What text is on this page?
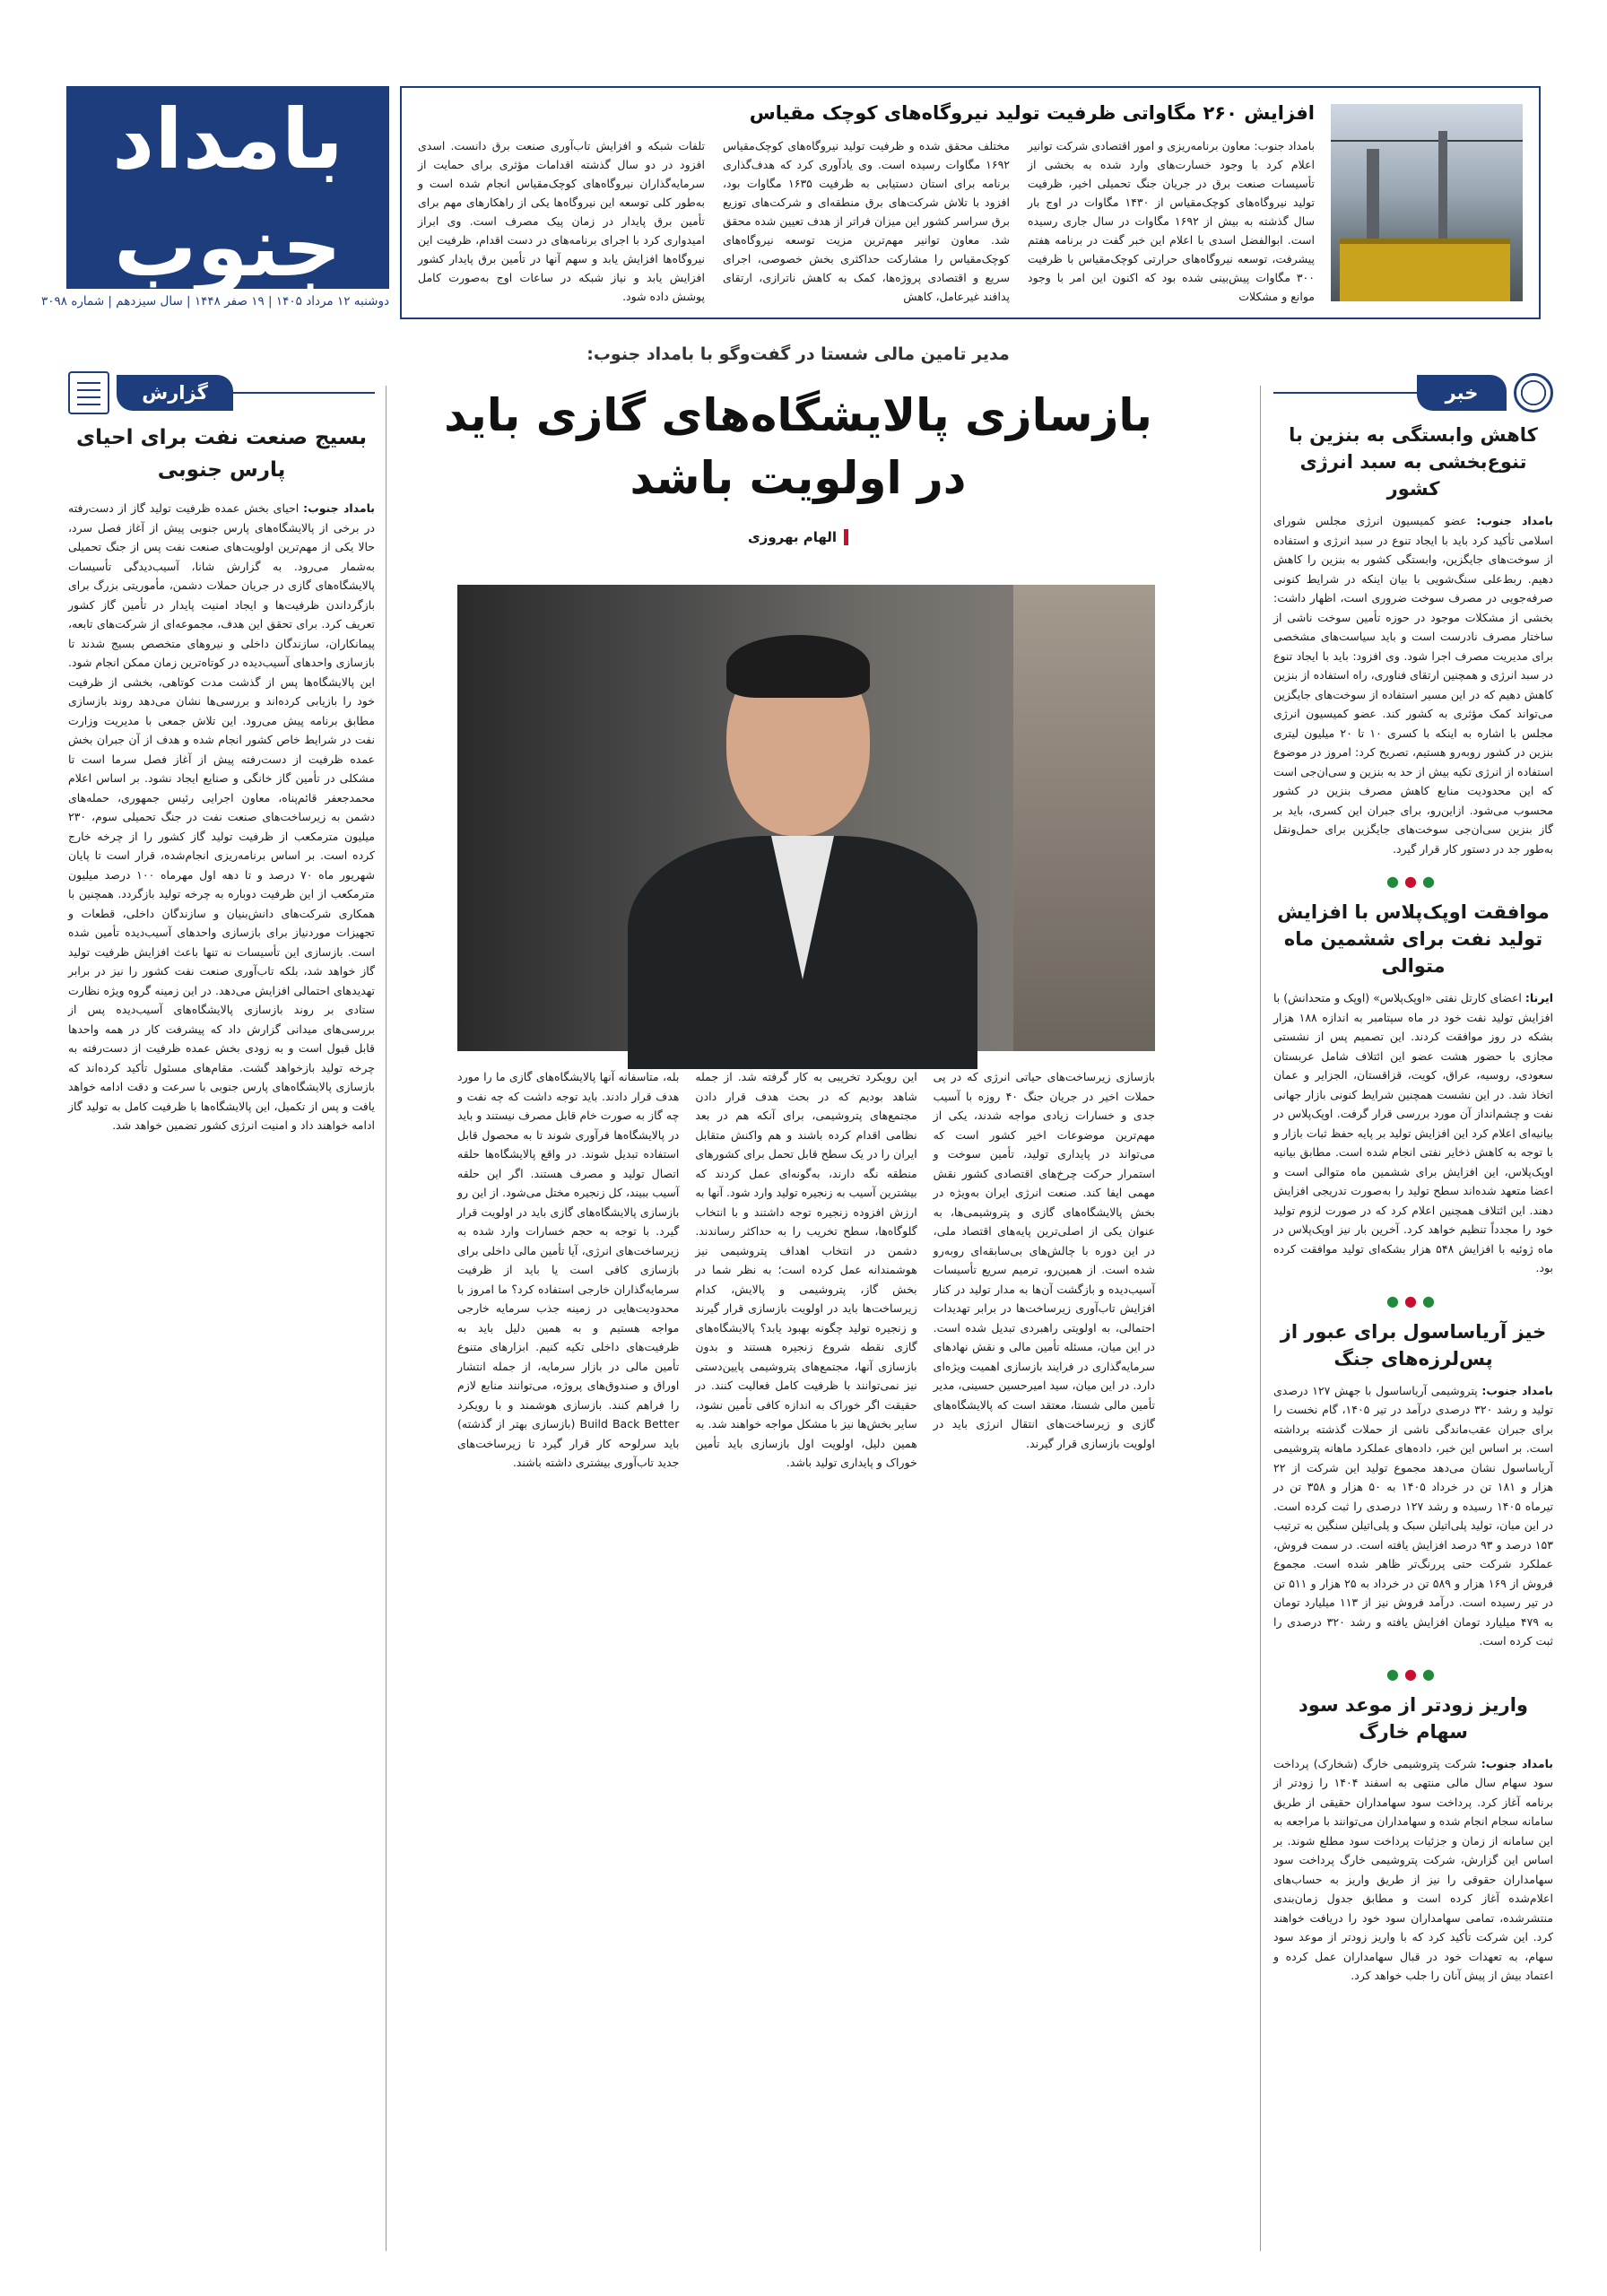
بامداد جنوب
۳
انرژی
دوشنبه ۱۲ مرداد ۱۴۰۵ | ۱۹ صفر ۱۴۴۸ | سال سیزدهم | شماره ۳۰۹۸
افزایش ۲۶۰ مگاواتی ظرفیت تولید نیروگاه‌های کوچک مقیاس
بامداد جنوب: معاون برنامه‌ریزی و امور اقتصادی شرکت توانیر اعلام کرد با وجود خسارت‌های وارد شده به بخشی از تأسیسات صنعت برق در جریان جنگ تحمیلی اخیر، ظرفیت تولید نیروگاه‌های کوچک‌مقیاس از ۱۴۳۰ مگاوات در اوج بار سال گذشته به بیش از ۱۶۹۲ مگاوات در سال جاری رسیده است. ابوالفضل اسدی با اعلام این خبر گفت در برنامه هفتم پیشرفت، توسعه نیروگاه‌های حرارتی کوچک‌مقیاس با ظرفیت ۳۰۰ مگاوات پیش‌بینی شده بود که اکنون این امر با وجود موانع و مشکلات
مختلف محقق شده و ظرفیت تولید نیروگاه‌های کوچک‌مقیاس ۱۶۹۲ مگاوات رسیده است. وی یادآوری کرد که هدف‌گذاری برنامه برای استان دستیابی به ظرفیت ۱۶۳۵ مگاوات بود، افزود با تلاش شرکت‌های برق منطقه‌ای و شرکت‌های توزیع برق سراسر کشور این میزان فراتر از هدف تعیین شده محقق شد. معاون توانیر مهم‌ترین مزیت توسعه نیروگاه‌های کوچک‌مقیاس را مشارکت حداکثری بخش خصوصی، اجرای سریع و اقتصادی پروژه‌ها، کمک به کاهش ناترازی، ارتقای پدافند غیرعامل، کاهش
تلفات شبکه و افزایش تاب‌آوری صنعت برق دانست. اسدی افزود در دو سال گذشته اقدامات مؤثری برای حمایت از سرمایه‌گذاران نیروگاه‌های کوچک‌مقیاس انجام شده است و به‌طور کلی توسعه این نیروگاه‌ها یکی از راهکارهای مهم برای تأمین برق پایدار در زمان پیک مصرف است. وی ابراز امیدواری کرد با اجرای برنامه‌های در دست اقدام، ظرفیت این نیروگاه‌ها افزایش یابد و سهم آنها در تأمین برق پایدار کشور افزایش یابد و نیاز شبکه در ساعات اوج به‌صورت کامل پوشش داده شود.
خبر
گزارش
کاهش وابستگی به بنزین با تنوع‌بخشی به سبد انرژی کشور
بامداد جنوب: عضو کمیسیون انرژی مجلس شورای اسلامی تأکید کرد باید با ایجاد تنوع در سبد انرژی و استفاده از سوخت‌های جایگزین، وابستگی کشور به بنزین را کاهش دهیم. ربط‌علی سنگ‌شویی با بیان اینکه در شرایط کنونی صرفه‌جویی در مصرف سوخت ضروری است، اظهار داشت: بخشی از مشکلات موجود در حوزه تأمین سوخت ناشی از ساختار مصرف نادرست است و باید سیاست‌های مشخصی برای مدیریت مصرف اجرا شود. وی افزود: باید با ایجاد تنوع در سبد انرژی و همچنین ارتقای فناوری، راه استفاده از بنزین کاهش دهیم که در این مسیر استفاده از سوخت‌های جایگزین می‌تواند کمک مؤثری به کشور کند. عضو کمیسیون انرژی مجلس با اشاره به اینکه با کسری ۱۰ تا ۲۰ میلیون لیتری بنزین در کشور روبه‌رو هستیم، تصریح کرد: امروز در موضوع استفاده از انرژی تکیه بیش از حد به بنزین و سی‌ان‌جی است که این محدودیت منابع کاهش مصرف بنزین در کشور محسوب می‌شود. ازاین‌رو، برای جبران این کسری، باید بر گاز بنزین سی‌ان‌جی سوخت‌های جایگزین برای حمل‌ونقل به‌طور جد در دستور کار قرار گیرد.
●●●
موافقت اوپک‌پلاس با افزایش تولید نفت برای ششمین ماه متوالی
ایرنا: اعضای کارتل نفتی «اوپک‌پلاس» (اوپک و متحدانش) با افزایش تولید نفت خود در ماه سپتامبر به اندازه ۱۸۸ هزار بشکه در روز موافقت کردند. این تصمیم پس از نشستی مجازی با حضور هشت عضو این ائتلاف شامل عربستان سعودی، روسیه، عراق، کویت، قزاقستان، الجزایر و عمان اتخاذ شد. در این نشست همچنین شرایط کنونی بازار جهانی نفت و چشم‌انداز آن مورد بررسی قرار گرفت. اوپک‌پلاس در بیانیه‌ای اعلام کرد این افزایش تولید بر پایه حفظ ثبات بازار و با توجه به کاهش ذخایر نفتی انجام شده است. مطابق بیانیه اوپک‌پلاس، این افزایش برای ششمین ماه متوالی است و اعضا متعهد شده‌اند سطح تولید را به‌صورت تدریجی افزایش دهند. این ائتلاف همچنین اعلام کرد که در صورت لزوم تولید خود را مجدداً تنظیم خواهد کرد. آخرین بار نیز اوپک‌پلاس در ماه ژوئیه با افزایش ۵۴۸ هزار بشکه‌ای تولید موافقت کرده بود.
●●●
خیز آریاساسول برای عبور از پس‌لرزه‌های جنگ
بامداد جنوب: پتروشیمی آریاساسول با جهش ۱۲۷ درصدی تولید و رشد ۳۲۰ درصدی درآمد در تیر ۱۴۰۵، گام نخست را برای جبران عقب‌ماندگی ناشی از حملات گذشته برداشته است. بر اساس این خبر، داده‌های عملکرد ماهانه پتروشیمی آریاساسول نشان می‌دهد مجموع تولید این شرکت از ۲۲ هزار و ۱۸۱ تن در خرداد ۱۴۰۵ به ۵۰ هزار و ۳۵۸ تن در تیرماه ۱۴۰۵ رسیده و رشد ۱۲۷ درصدی را ثبت کرده است. در این میان، تولید پلی‌اتیلن سبک و پلی‌اتیلن سنگین به ترتیب ۱۵۳ درصد و ۹۳ درصد افزایش یافته است. در سمت فروش، عملکرد شرکت حتی پررنگ‌تر ظاهر شده است. مجموع فروش از ۱۶۹ هزار و ۵۸۹ تن در خرداد به ۲۵ هزار و ۵۱۱ تن در تیر رسیده است. درآمد فروش نیز از ۱۱۳ میلیارد تومان به ۴۷۹ میلیارد تومان افزایش یافته و رشد ۳۲۰ درصدی را ثبت کرده است.
●●●
واریز زودتر از موعد سود سهام خارگ
بامداد جنوب: شرکت پتروشیمی خارگ (شخارک) پرداخت سود سهام سال مالی منتهی به اسفند ۱۴۰۴ را زودتر از برنامه آغاز کرد. پرداخت سود سهامداران حقیقی از طریق سامانه سجام انجام شده و سهامداران می‌توانند با مراجعه به این سامانه از زمان و جزئیات پرداخت سود مطلع شوند. بر اساس این گزارش، شرکت پتروشیمی خارگ پرداخت سود سهامداران حقوقی را نیز از طریق واریز به حساب‌های اعلام‌شده آغاز کرده است و مطابق جدول زمان‌بندی منتشرشده، تمامی سهامداران سود خود را دریافت خواهند کرد. این شرکت تأکید کرد که با واریز زودتر از موعد سود سهام، به تعهدات خود در قبال سهامداران عمل کرده و اعتماد بیش از پیش آنان را جلب خواهد کرد.
مدیر تامین مالی شستا در گفت‌وگو با بامداد جنوب:
بازسازی پالایشگاه‌های گازی باید در اولویت باشد
الهام بهروزی
بازسازی زیرساخت‌های حیاتی انرژی که در پی حملات اخیر در جریان جنگ ۴۰ روزه با آسیب جدی و خسارات زیادی مواجه شدند، یکی از مهم‌ترین موضوعات اخیر کشور است که می‌تواند در پایداری تولید، تأمین سوخت و استمرار حرکت چرخ‌های اقتصادی کشور نقش مهمی ایفا کند. صنعت انرژی ایران به‌ویژه در بخش پالایشگاه‌های گازی و پتروشیمی‌ها، به عنوان یکی از اصلی‌ترین پایه‌های اقتصاد ملی، در این دوره با چالش‌های بی‌سابقه‌ای روبه‌رو شده است. از همین‌رو، ترمیم سریع تأسیسات آسیب‌دیده و بازگشت آن‌ها به مدار تولید در کنار افزایش تاب‌آوری زیرساخت‌ها در برابر تهدیدات احتمالی، به اولویتی راهبردی تبدیل شده است. در این میان، مسئله تأمین مالی و نقش نهادهای سرمایه‌گذاری در فرایند بازسازی اهمیت ویژه‌ای دارد. در این میان، سید امیرحسین حسینی، مدیر تأمین مالی شستا، معتقد است که پالایشگاه‌های گازی و زیرساخت‌های انتقال انرژی باید در اولویت بازسازی قرار گیرند.
این رویکرد تخریبی به کار گرفته شد. از جمله شاهد بودیم که در بحث هدف قرار دادن مجتمع‌های پتروشیمی، برای آنکه هم در بعد نظامی اقدام کرده باشند و هم واکنش متقابل ایران را در یک سطح قابل تحمل برای کشورهای منطقه نگه دارند، به‌گونه‌ای عمل کردند که بیشترین آسیب به زنجیره تولید وارد شود. آنها به ارزش افزوده زنجیره توجه داشتند و با انتخاب گلوگاه‌ها، سطح تخریب را به حداکثر رساندند. دشمن در انتخاب اهداف پتروشیمی نیز هوشمندانه عمل کرده است؛ به نظر شما در بخش گاز، پتروشیمی و پالایش، کدام زیرساخت‌ها باید در اولویت بازسازی قرار گیرند و زنجیره تولید چگونه بهبود یابد؟ پالایشگاه‌های گازی نقطه شروع زنجیره هستند و بدون بازسازی آنها، مجتمع‌های پتروشیمی پایین‌دستی نیز نمی‌توانند با ظرفیت کامل فعالیت کنند. در حقیقت اگر خوراک به اندازه کافی تأمین نشود، سایر بخش‌ها نیز با مشکل مواجه خواهند شد. به همین دلیل، اولویت اول بازسازی باید تأمین خوراک و پایداری تولید باشد.
بله، متاسفانه آنها پالایشگاه‌های گازی ما را مورد هدف قرار دادند. باید توجه داشت که چه نفت و چه گاز به صورت خام قابل مصرف نیستند و باید در پالایشگاه‌ها فرآوری شوند تا به محصول قابل استفاده تبدیل شوند. در واقع پالایشگاه‌ها حلقه اتصال تولید و مصرف هستند. اگر این حلقه آسیب ببیند، کل زنجیره مختل می‌شود. از این رو بازسازی پالایشگاه‌های گازی باید در اولویت قرار گیرد. با توجه به حجم خسارات وارد شده به زیرساخت‌های انرژی، آیا تأمین مالی داخلی برای بازسازی کافی است یا باید از ظرفیت سرمایه‌گذاران خارجی استفاده کرد؟ ما امروز با محدودیت‌هایی در زمینه جذب سرمایه خارجی مواجه هستیم و به همین دلیل باید به ظرفیت‌های داخلی تکیه کنیم. ابزارهای متنوع تأمین مالی در بازار سرمایه، از جمله انتشار اوراق و صندوق‌های پروژه، می‌توانند منابع لازم را فراهم کنند. بازسازی هوشمند و با رویکرد Build Back Better (بازسازی بهتر از گذشته) باید سرلوحه کار قرار گیرد تا زیرساخت‌های جدید تاب‌آوری بیشتری داشته باشند.
بسیج صنعت نفت برای احیای پارس جنوبی
بامداد جنوب: احیای بخش عمده ظرفیت تولید گاز از دست‌رفته در برخی از پالایشگاه‌های پارس جنوبی پیش از آغاز فصل سرد، حالا یکی از مهم‌ترین اولویت‌های صنعت نفت پس از جنگ تحمیلی به‌شمار می‌رود. به گزارش شانا، آسیب‌دیدگی تأسیسات پالایشگاه‌های گازی در جریان حملات دشمن، مأموریتی بزرگ برای بازگرداندن ظرفیت‌ها و ایجاد امنیت پایدار در تأمین گاز کشور تعریف کرد. برای تحقق این هدف، مجموعه‌ای از شرکت‌های تابعه، پیمانکاران، سازندگان داخلی و نیروهای متخصص بسیج شدند تا بازسازی واحدهای آسیب‌دیده در کوتاه‌ترین زمان ممکن انجام شود. این پالایشگاه‌ها پس از گذشت مدت کوتاهی، بخشی از ظرفیت خود را بازیابی کرده‌اند و بررسی‌ها نشان می‌دهد روند بازسازی مطابق برنامه پیش می‌رود. این تلاش جمعی با مدیریت وزارت نفت در شرایط خاص کشور انجام شده و هدف از آن جبران بخش عمده ظرفیت از دست‌رفته پیش از آغاز فصل سرما است تا مشکلی در تأمین گاز خانگی و صنایع ایجاد نشود. بر اساس اعلام محمدجعفر قائم‌پناه، معاون اجرایی رئیس جمهوری، حمله‌های دشمن به زیرساخت‌های صنعت نفت در جنگ تحمیلی سوم، ۲۳۰ میلیون مترمکعب از ظرفیت تولید گاز کشور را از چرخه خارج کرده است. بر اساس برنامه‌ریزی انجام‌شده، قرار است تا پایان شهریور ماه ۷۰ درصد و تا دهه اول مهرماه ۱۰۰ درصد میلیون مترمکعب از این ظرفیت دوباره به چرخه تولید بازگردد. همچنین با همکاری شرکت‌های دانش‌بنیان و سازندگان داخلی، قطعات و تجهیزات موردنیاز برای بازسازی واحدهای آسیب‌دیده تأمین شده است. بازسازی این تأسیسات نه تنها باعث افزایش ظرفیت تولید گاز خواهد شد، بلکه تاب‌آوری صنعت نفت کشور را نیز در برابر تهدیدهای احتمالی افزایش می‌دهد. در این زمینه گروه ویژه نظارت ستادی بر روند بازسازی پالایشگاه‌های آسیب‌دیده پس از بررسی‌های میدانی گزارش داد که پیشرفت کار در همه واحدها قابل قبول است و به زودی بخش عمده ظرفیت از دست‌رفته به چرخه تولید بازخواهد گشت. مقام‌های مسئول تأکید کرده‌اند که بازسازی پالایشگاه‌های پارس جنوبی با سرعت و دقت ادامه خواهد یافت و پس از تکمیل، این پالایشگاه‌ها با ظرفیت کامل به تولید گاز ادامه خواهند داد و امنیت انرژی کشور تضمین خواهد شد.
